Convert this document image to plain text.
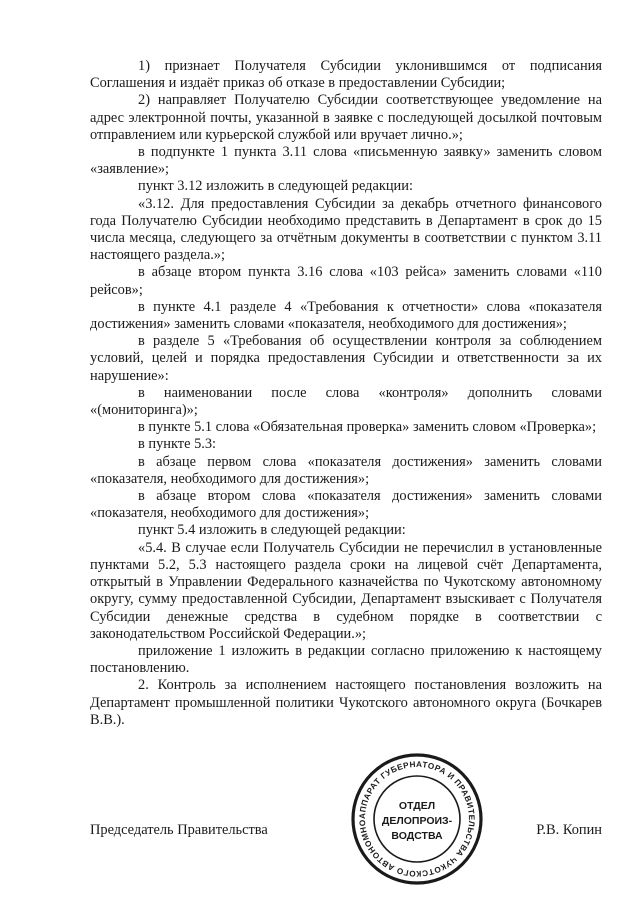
1) признает Получателя Субсидии уклонившимся от подписания Соглашения и издаёт приказ об отказе в предоставлении Субсидии;

2) направляет Получателю Субсидии соответствующее уведомление на адрес электронной почты, указанной в заявке с последующей досылкой почтовым отправлением или курьерской службой или вручает лично.»;

в подпункте 1 пункта 3.11 слова «письменную заявку» заменить словом «заявление»;

пункт 3.12 изложить в следующей редакции:

«3.12. Для предоставления Субсидии за декабрь отчетного финансового года Получателю Субсидии необходимо представить в Департамент в срок до 15 числа месяца, следующего за отчётным документы в соответствии с пунктом 3.11 настоящего раздела.»;

в абзаце втором пункта 3.16 слова «103 рейса» заменить словами «110 рейсов»;

в пункте 4.1 разделе 4 «Требования к отчетности» слова «показателя достижения» заменить словами «показателя, необходимого для достижения»;

в разделе 5 «Требования об осуществлении контроля за соблюдением условий, целей и порядка предоставления Субсидии и ответственности за их нарушение»:

в наименовании после слова «контроля» дополнить словами «(мониторинга)»;

в пункте 5.1 слова «Обязательная проверка» заменить словом «Проверка»;

в пункте 5.3:

в абзаце первом слова «показателя достижения» заменить словами «показателя, необходимого для достижения»;

в абзаце втором слова «показателя достижения» заменить словами «показателя, необходимого для достижения»;

пункт 5.4 изложить в следующей редакции:

«5.4. В случае если Получатель Субсидии не перечислил в установленные пунктами 5.2, 5.3 настоящего раздела сроки на лицевой счёт Департамента, открытый в Управлении Федерального казначейства по Чукотскому автономному округу, сумму предоставленной Субсидии, Департамент взыскивает с Получателя Субсидии денежные средства в судебном порядке в соответствии с законодательством Российской Федерации.»;

приложение 1 изложить в редакции согласно приложению к настоящему постановлению.

2. Контроль за исполнением настоящего постановления возложить на Департамент промышленной политики Чукотского автономного округа (Бочкарев В.В.).

Председатель Правительства	Р.В. Копин
АППАРАТ ГУБЕРНАТОРА И ПРАВИТЕЛЬСТВА ЧУКОТСКОГО АВТОНОМНО
ОТДЕЛ
ДЕЛОПРОИЗ-
ВОДСТВА
